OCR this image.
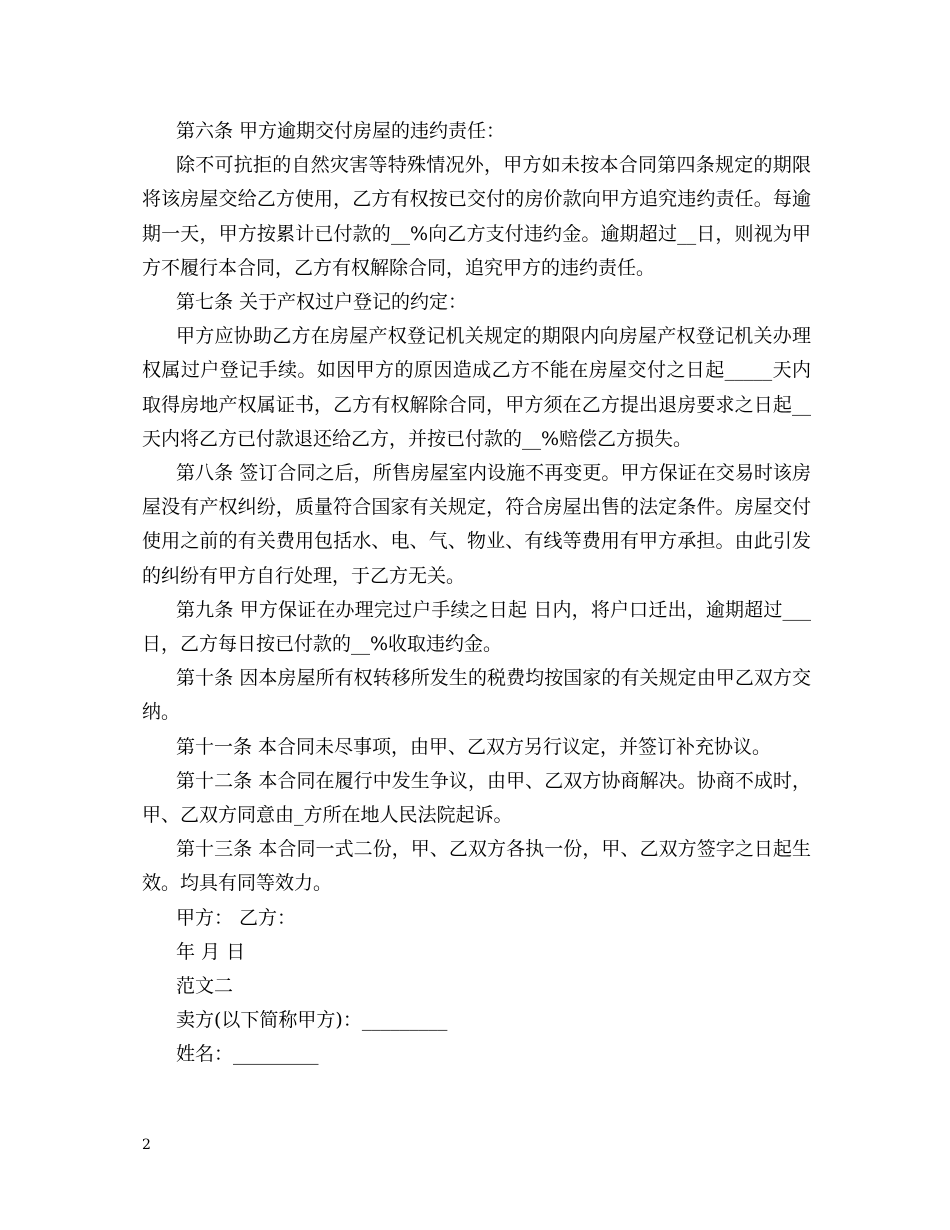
第六条 甲方逾期交付房屋的违约责任：

除不可抗拒的自然灾害等特殊情况外，甲方如未按本合同第四条规定的期限将该房屋交给乙方使用，乙方有权按已交付的房价款向甲方追究违约责任。每逾期一天，甲方按累计已付款的__%向乙方支付违约金。逾期超过__日，则视为甲方不履行本合同，乙方有权解除合同，追究甲方的违约责任。

第七条 关于产权过户登记的约定：

甲方应协助乙方在房屋产权登记机关规定的期限内向房屋产权登记机关办理权属过户登记手续。如因甲方的原因造成乙方不能在房屋交付之日起_____天内取得房地产权属证书，乙方有权解除合同，甲方须在乙方提出退房要求之日起__天内将乙方已付款退还给乙方，并按已付款的__%赔偿乙方损失。

第八条 签订合同之后，所售房屋室内设施不再变更。甲方保证在交易时该房屋没有产权纠纷，质量符合国家有关规定，符合房屋出售的法定条件。房屋交付使用之前的有关费用包括水、电、气、物业、有线等费用有甲方承担。由此引发的纠纷有甲方自行处理，于乙方无关。

第九条 甲方保证在办理完过户手续之日起 日内，将户口迁出，逾期超过___日，乙方每日按已付款的__%收取违约金。

第十条 因本房屋所有权转移所发生的税费均按国家的有关规定由甲乙双方交纳。

第十一条 本合同未尽事项，由甲、乙双方另行议定，并签订补充协议。

第十二条 本合同在履行中发生争议，由甲、乙双方协商解决。协商不成时，甲、乙双方同意由_方所在地人民法院起诉。

第十三条 本合同一式二份，甲、乙双方各执一份，甲、乙双方签字之日起生效。均具有同等效力。

甲方： 乙方：

年 月 日

范文二

卖方(以下简称甲方)：_________

姓名：_________

2
